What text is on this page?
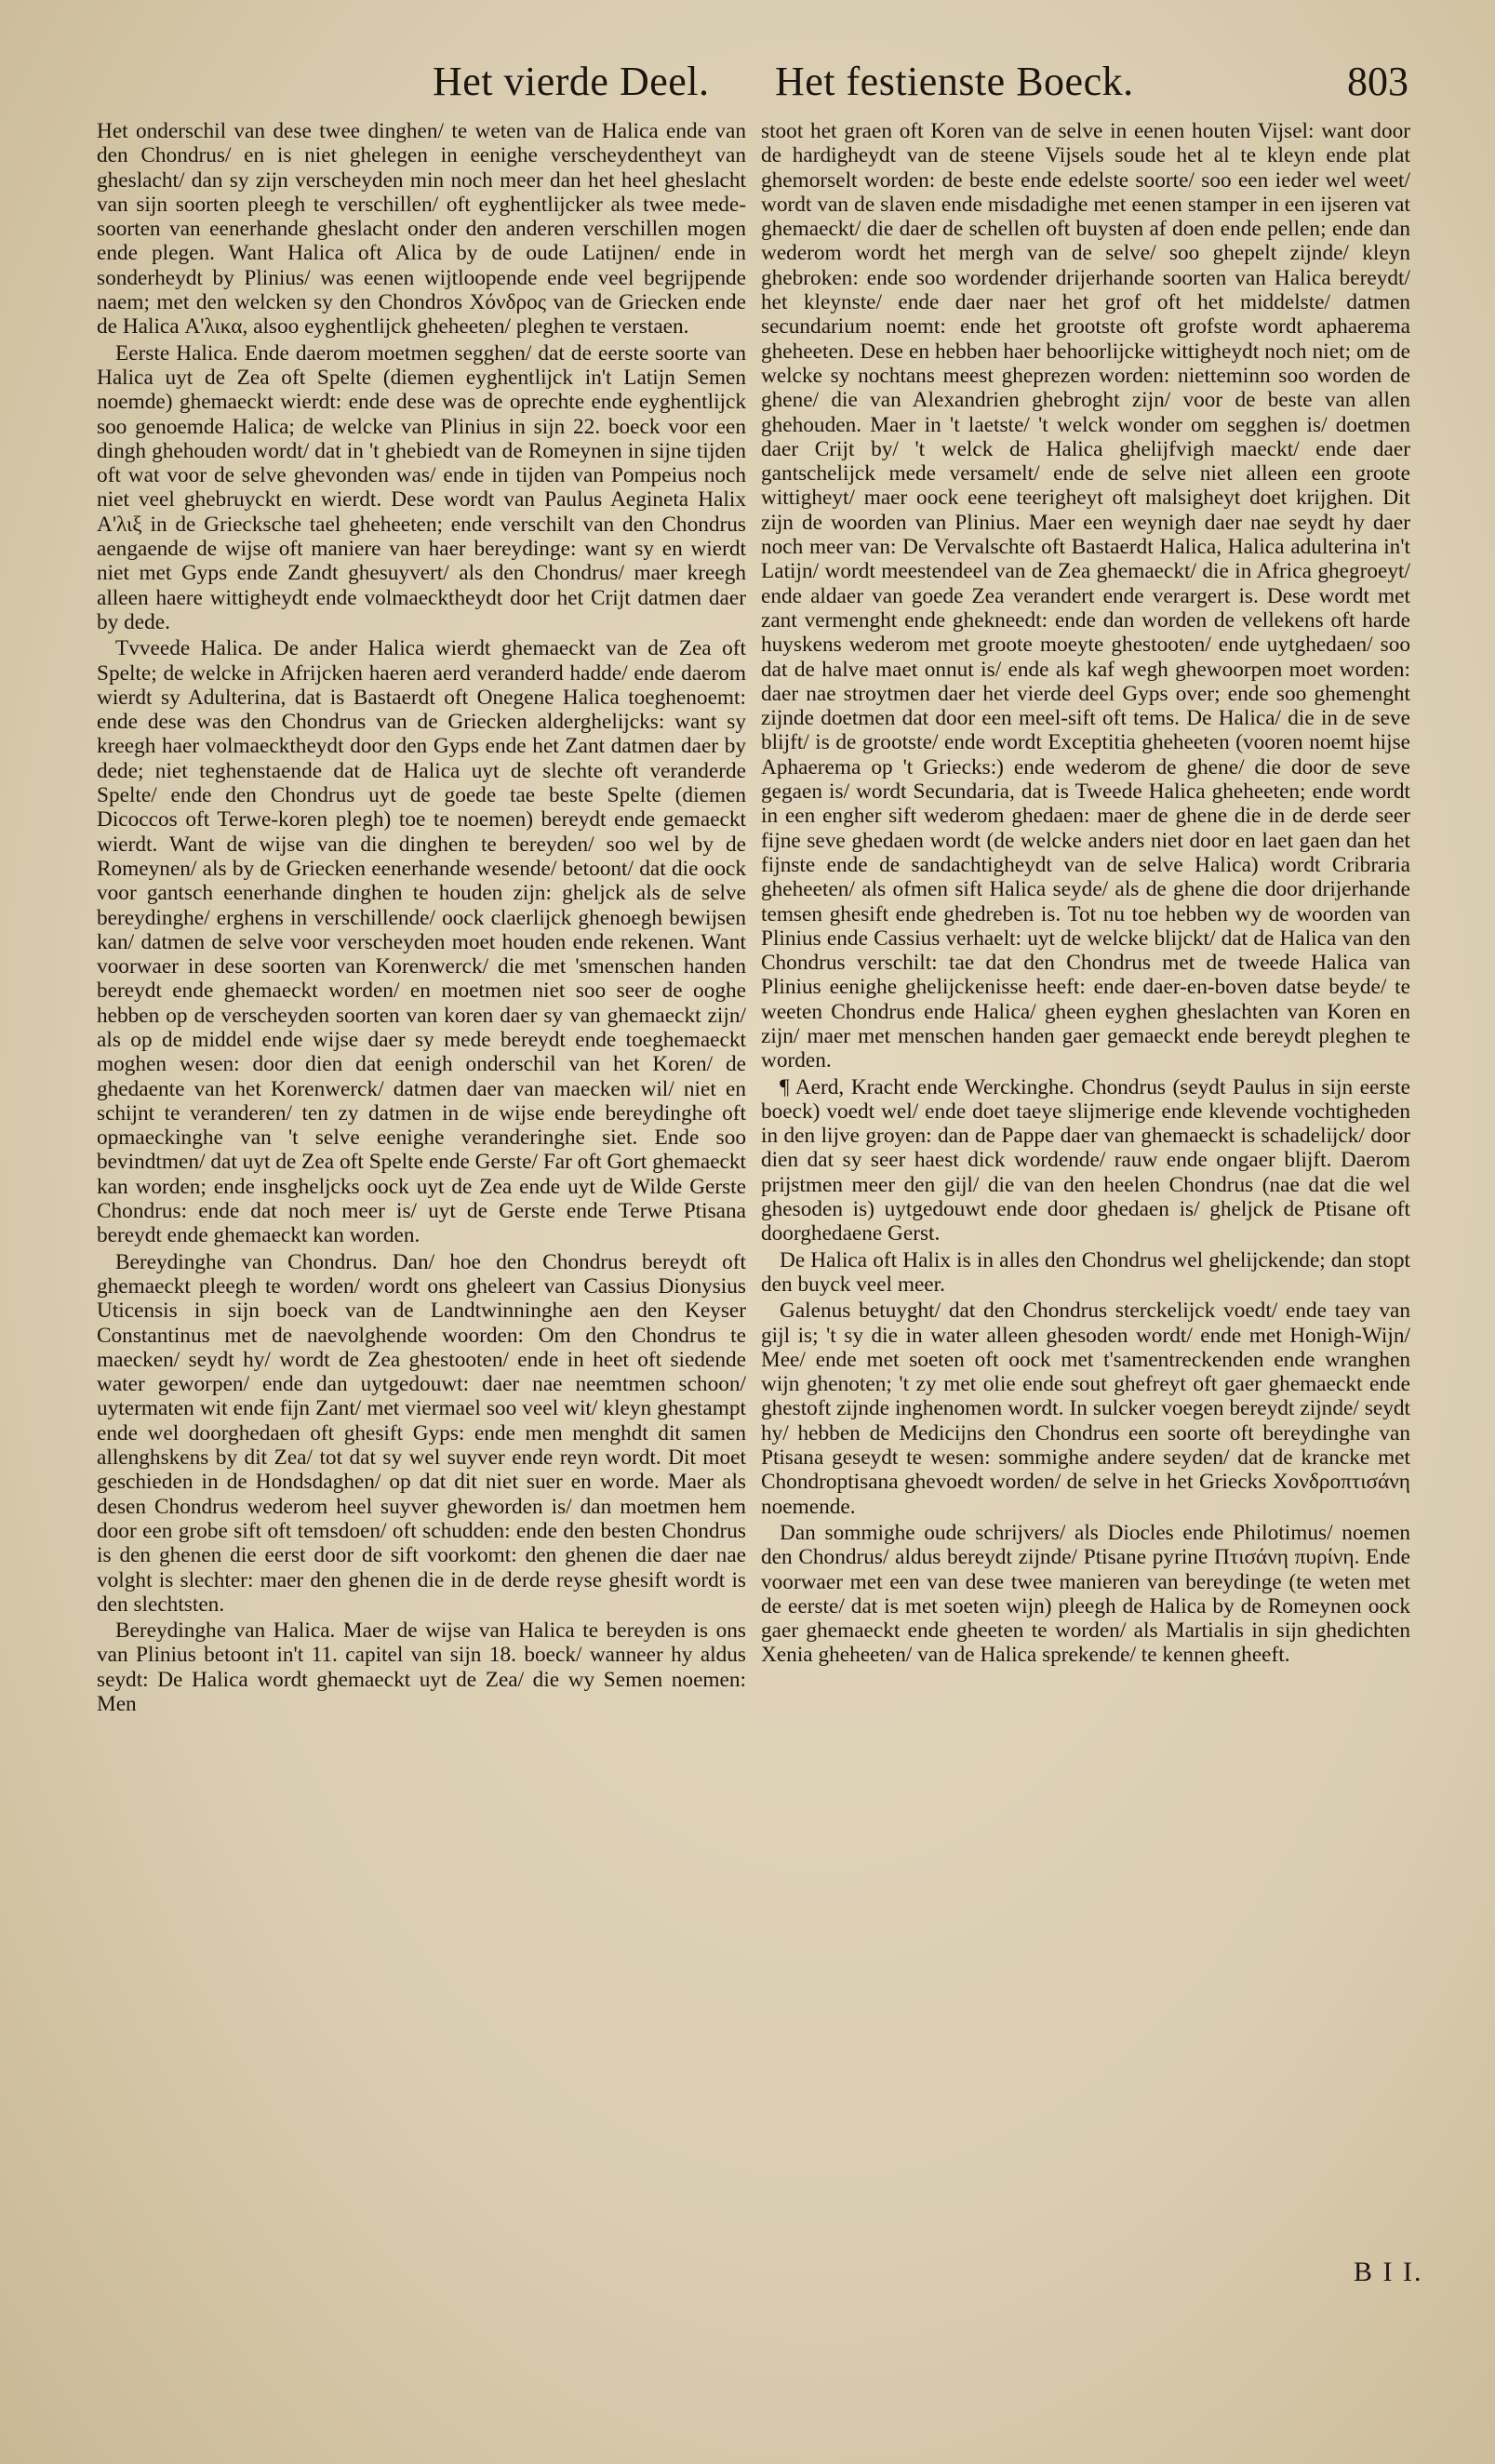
Het vierde Deel. Het festienste Boeck.	803

Het onderschil van dese twee dinghen/ te weten van de Halica ende van den Chondrus/ en is niet ghelegen in eenighe verscheydentheyt van gheslacht/ dan sy zijn verscheyden min noch meer dan het heel gheslacht van sijn soorten pleegh te verschillen/ oft eyghentlijcker als twee mede-soorten van eenerhande gheslacht onder den anderen verschillen mogen ende plegen. Want Halica oft Alica by de oude Latijnen/ ende in sonderheydt by Plinius/ was eenen wijtloopende ende veel begrijpende naem; met den welcken sy den Chondros Χόνδρος van de Griecken ende de Halica Α'λικα, alsoo eyghentlijck gheheeten/ pleghen te verstaen.

Eerste Halica. Ende daerom moetmen segghen/ dat de eerste soorte van Halica uyt de Zea oft Spelte (diemen eyghentlijck in't Latijn Semen noemde) ghemaeckt wierdt: ende dese was de oprechte ende eyghentlijck soo genoemde Halica; de welcke van Plinius in sijn 22. boeck voor een dingh ghehouden wordt/ dat in 't ghebiedt van de Romeynen in sijne tijden oft wat voor de selve ghevonden was/ ende in tijden van Pompeius noch niet veel ghebruyckt en wierdt. Dese wordt van Paulus Aegineta Halix Α'λιξ in de Griecksche tael gheheeten; ende verschilt van den Chondrus aengaende de wijse oft maniere van haer bereydinge: want sy en wierdt niet met Gyps ende Zandt ghesuyvert/ als den Chondrus/ maer kreegh alleen haere wittigheydt ende volmaecktheydt door het Crijt datmen daer by dede.

Tvveede Halica. De ander Halica wierdt ghemaeckt van de Zea oft Spelte; de welcke in Afrijcken haeren aerd veranderd hadde/ ende daerom wierdt sy Adulterina, dat is Bastaerdt oft Onegene Halica toeghenoemt: ende dese was den Chondrus van de Griecken alderghelijcks: want sy kreegh haer volmaecktheydt door den Gyps ende het Zant datmen daer by dede; niet teghenstaende dat de Halica uyt de slechte oft veranderde Spelte/ ende den Chondrus uyt de goede tae beste Spelte (diemen Dicoccos oft Terwe-koren plegh) toe te noemen) bereydt ende gemaeckt wierdt. Want de wijse van die dinghen te bereyden/ soo wel by de Romeynen/ als by de Griecken eenerhande wesende/ betoont/ dat die oock voor gantsch eenerhande dinghen te houden zijn: gheljck als de selve bereydinghe/ erghens in verschillende/ oock claerlijck ghenoegh bewijsen kan/ datmen de selve voor verscheyden moet houden ende rekenen. Want voorwaer in dese soorten van Korenwerck/ die met 'smenschen handen bereydt ende ghemaeckt worden/ en moetmen niet soo seer de ooghe hebben op de verscheyden soorten van koren daer sy van ghemaeckt zijn/ als op de middel ende wijse daer sy mede bereydt ende toeghemaeckt moghen wesen: door dien dat eenigh onderschil van het Koren/ de ghedaente van het Korenwerck/ datmen daer van maecken wil/ niet en schijnt te veranderen/ ten zy datmen in de wijse ende bereydinghe oft opmaeckinghe van 't selve eenighe veranderinghe siet. Ende soo bevindtmen/ dat uyt de Zea oft Spelte ende Gerste/ Far oft Gort ghemaeckt kan worden; ende insgheljcks oock uyt de Zea ende uyt de Wilde Gerste Chondrus: ende dat noch meer is/ uyt de Gerste ende Terwe Ptisana bereydt ende ghemaeckt kan worden.

Bereydinghe van Chondrus. Dan/ hoe den Chondrus bereydt oft ghemaeckt pleegh te worden/ wordt ons gheleert van Cassius Dionysius Uticensis in sijn boeck van de Landtwinninghe aen den Keyser Constantinus met de naevolghende woorden: Om den Chondrus te maecken/ seydt hy/ wordt de Zea ghestooten/ ende in heet oft siedende water geworpen/ ende dan uytgedouwt: daer nae neemtmen schoon/ uytermaten wit ende fijn Zant/ met viermael soo veel wit/ kleyn ghestampt ende wel doorghedaen oft ghesift Gyps: ende men menghdt dit samen allenghskens by dit Zea/ tot dat sy wel suyver ende reyn wordt. Dit moet geschieden in de Hondsdaghen/ op dat dit niet suer en worde. Maer als desen Chondrus wederom heel suyver gheworden is/ dan moetmen hem door een grobe sift oft temsdoen/ oft schudden: ende den besten Chondrus is den ghenen die eerst door de sift voorkomt: den ghenen die daer nae volght is slechter: maer den ghenen die in de derde reyse ghesift wordt is den slechtsten.

Bereydinghe van Halica. Maer de wijse van Halica te bereyden is ons van Plinius betoont in't 11. capitel van sijn 18. boeck/ wanneer hy aldus seydt: De Halica wordt ghemaeckt uyt de Zea/ die wy Semen noemen: Men

stoot het graen oft Koren van de selve in eenen houten Vijsel: want door de hardigheydt van de steene Vijsels soude het al te kleyn ende plat ghemorselt worden: de beste ende edelste soorte/ soo een ieder wel weet/ wordt van de slaven ende misdadighe met eenen stamper in een ijseren vat ghemaeckt/ die daer de schellen oft buysten af doen ende pellen; ende dan wederom wordt het mergh van de selve/ soo ghepelt zijnde/ kleyn ghebroken: ende soo wordender drijerhande soorten van Halica bereydt/ het kleynste/ ende daer naer het grof oft het middelste/ datmen secundarium noemt: ende het grootste oft grofste wordt aphaerema gheheeten. Dese en hebben haer behoorlijcke wittigheydt noch niet; om de welcke sy nochtans meest gheprezen worden: nietteminn soo worden de ghene/ die van Alexandrien ghebroght zijn/ voor de beste van allen ghehouden. Maer in 't laetste/ 't welck wonder om segghen is/ doetmen daer Crijt by/ 't welck de Halica ghelijfvigh maeckt/ ende daer gantschelijck mede versamelt/ ende de selve niet alleen een groote wittigheyt/ maer oock eene teerigheyt oft malsigheyt doet krijghen. Dit zijn de woorden van Plinius. Maer een weynigh daer nae seydt hy daer noch meer van: De Vervalschte oft Bastaerdt Halica, Halica adulterina in't Latijn/ wordt meestendeel van de Zea ghemaeckt/ die in Africa ghegroeyt/ ende aldaer van goede Zea verandert ende verargert is. Dese wordt met zant vermenght ende ghekneedt: ende dan worden de vellekens oft harde huyskens wederom met groote moeyte ghestooten/ ende uytghedaen/ soo dat de halve maet onnut is/ ende als kaf wegh ghewoorpen moet worden: daer nae stroytmen daer het vierde deel Gyps over; ende soo ghemenght zijnde doetmen dat door een meel-sift oft tems. De Halica/ die in de seve blijft/ is de grootste/ ende wordt Exceptitia gheheeten (vooren noemt hijse Aphaerema op 't Griecks:) ende wederom de ghene/ die door de seve gegaen is/ wordt Secundaria, dat is Tweede Halica gheheeten; ende wordt in een engher sift wederom ghedaen: maer de ghene die in de derde seer fijne seve ghedaen wordt (de welcke anders niet door en laet gaen dan het fijnste ende de sandachtigheydt van de selve Halica) wordt Cribraria gheheeten/ als ofmen sift Halica seyde/ als de ghene die door drijerhande temsen ghesift ende ghedreben is. Tot nu toe hebben wy de woorden van Plinius ende Cassius verhaelt: uyt de welcke blijckt/ dat de Halica van den Chondrus verschilt: tae dat den Chondrus met de tweede Halica van Plinius eenighe ghelijckenisse heeft: ende daer-en-boven datse beyde/ te weeten Chondrus ende Halica/ gheen eyghen gheslachten van Koren en zijn/ maer met menschen handen gaer gemaeckt ende bereydt pleghen te worden.

¶ Aerd, Kracht ende Werckinghe. Chondrus (seydt Paulus in sijn eerste boeck) voedt wel/ ende doet taeye slijmerige ende klevende vochtigheden in den lijve groyen: dan de Pappe daer van ghemaeckt is schadelijck/ door dien dat sy seer haest dick wordende/ rauw ende ongaer blijft. Daerom prijstmen meer den gijl/ die van den heelen Chondrus (nae dat die wel ghesoden is) uytgedouwt ende door ghedaen is/ gheljck de Ptisane oft doorghedaene Gerst.

De Halica oft Halix is in alles den Chondrus wel ghelijckende; dan stopt den buyck veel meer.

Galenus betuyght/ dat den Chondrus sterckelijck voedt/ ende taey van gijl is; 't sy die in water alleen ghesoden wordt/ ende met Honigh-Wijn/ Mee/ ende met soeten oft oock met t'samentreckenden ende wranghen wijn ghenoten; 't zy met olie ende sout ghefreyt oft gaer ghemaeckt ende ghestoft zijnde inghenomen wordt. In sulcker voegen bereydt zijnde/ seydt hy/ hebben de Medicijns den Chondrus een soorte oft bereydinghe van Ptisana geseydt te wesen: sommighe andere seyden/ dat de krancke met Chondroptisana ghevoedt worden/ de selve in het Griecks Χονδροπτισάνη noemende.

Dan sommighe oude schrijvers/ als Diocles ende Philotimus/ noemen den Chondrus/ aldus bereydt zijnde/ Ptisane pyrine Πτισάνη πυρίνη. Ende voorwaer met een van dese twee manieren van bereydinge (te weten met de eerste/ dat is met soeten wijn) pleegh de Halica by de Romeynen oock gaer ghemaeckt ende gheeten te worden/ als Martialis in sijn ghedichten Xenia gheheeten/ van de Halica sprekende/ te kennen gheeft.

B I I.
